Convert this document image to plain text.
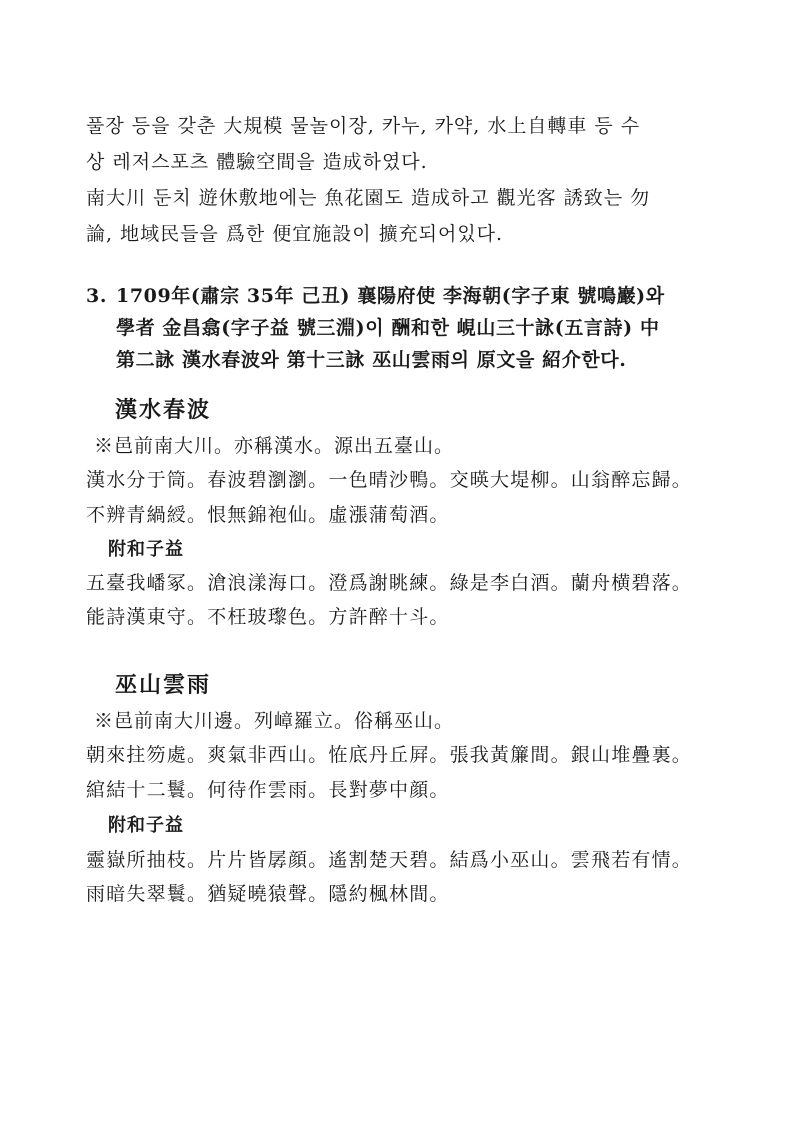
풀장 등을 갖춘 大規模 물놀이장, 카누, 카약, 水上自轉車 등 수
상 레저스포츠 體驗空間을 造成하였다.
南大川 둔치 遊休敷地에는 魚花園도 造成하고 觀光客 誘致는 勿
論, 地域民들을 爲한 便宜施設이 擴充되어있다.
3. 1709年(肅宗 35年 己丑) 襄陽府使 李海朝(字子東 號鳴巖)와
學者 金昌翕(字子益 號三淵)이 酬和한 峴山三十詠(五言詩) 中
第二詠 漢水春波와 第十三詠 巫山雲雨의 原文을 紹介한다.
漢水春波
※邑前南大川。亦稱漢水。源出五臺山。
漢水分于筒。春波碧瀏瀏。一色晴沙鴨。交暎大堤柳。山翁醉忘歸。
不辨青緺綬。恨無錦袍仙。虛漲蒲萄酒。
附和子益
五臺我嶓冢。滄浪漾海口。澄爲謝眺練。綠是李白酒。蘭舟横碧落。
能詩漢東守。不枉玻瓈色。方許醉十斗。
巫山雲雨
※邑前南大川邊。列嶂羅立。俗稱巫山。
朝來拄笏處。爽氣非西山。恠底丹丘屛。張我黃簾間。銀山堆疊裏。
綰結十二鬟。何待作雲雨。長對夢中顔。
附和子益
靈嶽所抽枝。片片皆孱顔。遙割楚天碧。結爲小巫山。雲飛若有情。
雨暗失翠鬟。猶疑曉猿聲。隱約楓林間。
